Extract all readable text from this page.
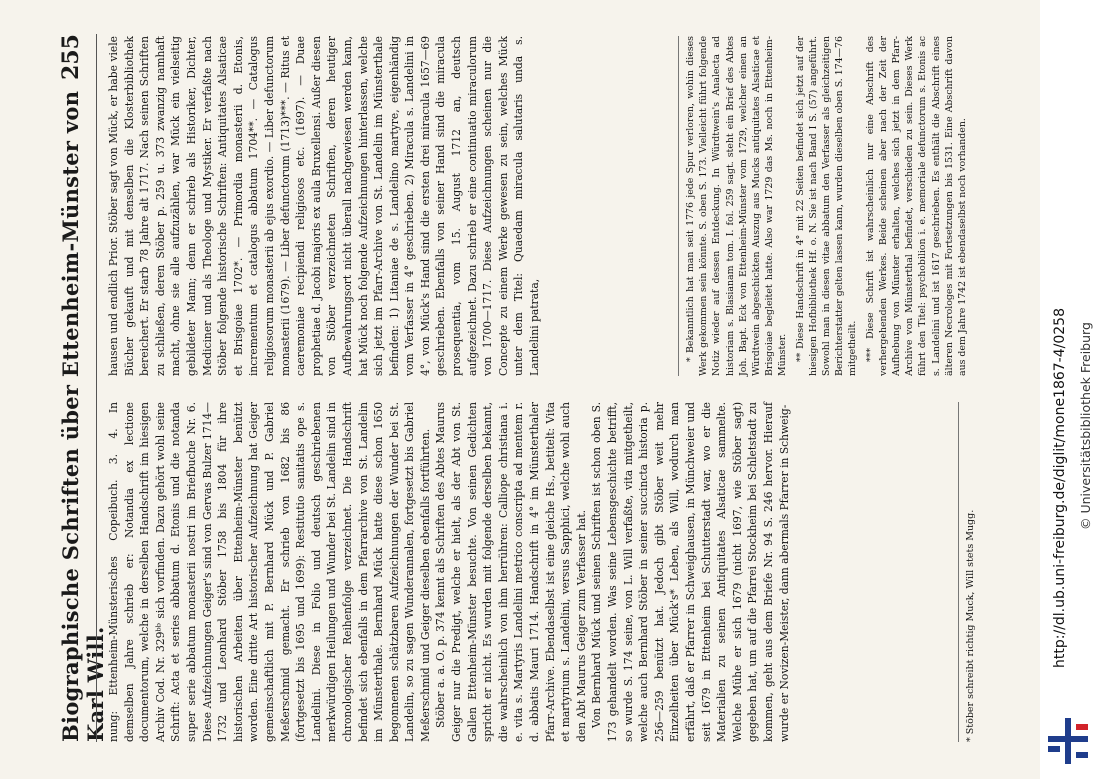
Biographische Schriften über Ettenheim-Münster von Karl Will.
255

nung: Ettenheim-Münsterisches Copeibuch. 3. 4. In demselben Jahre schrieb er: Notandia ex lectione documentorum, welche in derselben Handschrift im hiesigen Archiv Cod. Nr. 329ᵇᵇ sich vorfinden. Dazu gehört wohl seine Schrift: Acta et series abbatum d. Etonis und die notanda super serie abbatum monasterii nostri im Briefbuche Nr. 6. Diese Aufzeichnungen Geiger's sind von Gervas Bulzer 1714—1732 und Leonhard Stöber 1758 bis 1804 für ihre historischen Arbeiten über Ettenheim-Münster benützt worden. Eine dritte Art historischer Aufzeichnung hat Geiger gemeinschaftlich mit P. Bernhard Mück und P. Gabriel Meßerschmid gemacht. Er schrieb von 1682 bis 86 (fortgesetzt bis 1695 und 1699): Restitutio sanitatis ope s. Landelini. Diese in Folio und deutsch geschriebenen merkwürdigen Heilungen und Wunder bei St. Landelin sind in chronologischer Reihenfolge verzeichnet. Die Handschrift befindet sich ebenfalls in dem Pfarrarchive von St. Landelin im Münsterthale. Bernhard Mück hatte diese schon 1650 begonnenen schätzbaren Aufzeichnungen der Wunder bei St. Landelin, so zu sagen Wunderannalen, fortgesetzt bis Gabriel Meßerschmid und Geiger dieselben ebenfalls fortführten. Stöber a. a. O. p. 374 kennt als Schriften des Abtes Maurus Geiger nur die Predigt, welche er hielt, als der Abt von St. Gallen Ettenheim-Münster besuchte. Von seinen Gedichten spricht er nicht. Es wurden mit folgende derselben bekannt, die wahrscheinlich von ihm herrühren: Calliope christiana i. e. vita s. Martyris Landelini metrico conscripta ad mentem r. d. abbatis Mauri 1714. Handschrift in 4° im Münsterthaler Pfarr-Archive. Ebendaselbst ist eine gleiche Hs., betitelt: Vita et martyrium s. Landelini, versus Sapphici, welche wohl auch den Abt Maurus Geiger zum Verfasser hat. Von Bernhard Mück und seinen Schriften ist schon oben S. 173 gehandelt worden. Was seine Lebensgeschichte betrifft, so wurde S. 174 seine, von L. Will verfaßte, vita mitgetheilt, welche auch Bernhard Stöber in seiner succincta historia p. 256—259 benützt hat. Jedoch gibt Stöber weit mehr Einzelheiten über Mück's* Leben, als Will, wodurch man erfährt, daß er Pfarrer in Schweighausen, in Münchweier und seit 1679 in Ettenheim bei Schutterstadt war, wo er die Materialien zu seinen Antiquitates Alsaticae sammelte. Welche Mühe er sich 1679 (nicht 1697, wie Stöber sagt) gegeben hat, um auf die Pfarrei Stockheim bei Schletstadt zu kommen, geht aus dem Briefe Nr. 94 S. 246 hervor. Hierauf wurde er Novizen-Meister, dann abermals Pfarrer in Schweig-	* Stöber schreibt richtig Muck, Will stets Mugg.

hausen und endlich Prior. Stöber sagt von Mück, er habe viele Bücher gekauft und mit denselben die Klosterbibliothek bereichert. Er starb 78 Jahre alt 1717. Nach seinen Schriften zu schließen, deren Stöber p. 259 u. 373 zwanzig namhaft macht, ohne sie alle aufzuzählen, war Mück ein vielseitig gebildeter Mann; denn er schrieb als Historiker, Dichter, Mediciner und als Theologe und Mystiker. Er verfaßte nach Stöber folgende historische Schriften: Antiquitates Alsaticae et Brisgoiae 1702*. — Primordia monasterii d. Etonis, incrementum et catalogus abbatum 1704**. — Catalogus religiosorum monasterii ab ejus exordio. — Liber defunctorum monasterii (1679). — Liber defunctorum (1713)***. — Ritus et caeremoniae recipiendi religiosos etc. (1697). — Duae prophetiae d. Jacobi majoris ex aula Bruxellensi. Außer diesen von Stöber verzeichneten Schriften, deren heutiger Aufbewahrungsort nicht überall nachgewiesen werden kann, hat Mück noch folgende Aufzeichnungen hinterlassen, welche sich jetzt im Pfarr-Archive von St. Landelin im Münsterthale befinden: 1) Litaniae de s. Landelino martyre, eigenhändig vom Verfasser in 4° geschrieben. 2) Miracula s. Landelini in 4°, von Mück's Hand sind die ersten drei miracula 1657—69 geschrieben. Ebenfalls von seiner Hand sind die miracula prosequentia, vom 15. August 1712 an, deutsch aufgezeichnet. Dazu schrieb er eine continuatio miraculorum von 1700—1717. Diese Aufzeichnungen scheinen nur die Concepte zu einem Werke gewesen zu sein, welches Mück unter dem Titel: Quaedam miracula salutaris unda s. Landelini patrata,	* Bekanntlich hat man seit 1776 jede Spur verloren, wohin dieses Werk gekommen sein könnte. S. oben S. 173. Vielleicht führt folgende Notiz wieder auf dessen Entdeckung. In Würdtwein's Analecta ad historiam s. Blasianam tom. I. fol. 259 sagt. steht ein Brief des Abtes Joh. Bapt. Eck von Ettenheim-Münster vom 1729, welcher einen an Würdtwein abgeschickten Auszug aus Mucks antiquitates Alsaticae et Brisgoiae begleitet hatte. Also war 1729 das Ms. noch in Ettenheim-Münster. ** Diese Handschrift in 4° mit 22 Seiten befindet sich jetzt auf der hiesigen Hofbibliothek Hf. o. N. Sie ist nach Band I S. (57) angeführt. Sowohl man in diesen vitae abbatum den Verfasser als gleichzeitigen Berichterstatter gelten lassen kann, wurden dieselben oben S. 174—76 mitgetheilt. *** Diese Schrift ist wahrscheinlich nur eine Abschrift des verhergehenden Werkes. Beide scheinen aber nach der Zeit der Aufhebung von Münster erhalten, welches sich jetzt in dem Pfarr-Archive von Münsterthal befindet, verschieden zu sein. Dieses Werk führt den Titel: psychobilion i. e. memoriale defunctorum s. Etonis ac s. Landelini und ist 1617 geschrieben. Es enthält die Abschrift eines älteren Necrologes mit Fortsetzungen bis 1531. Eine Abschrift davon aus dem Jahre 1742 ist ebendaselbst noch vorhanden.

http://dl.ub.uni-freiburg.de/diglit/mone1867-4/0258 © Universitätsbibliothek Freiburg
